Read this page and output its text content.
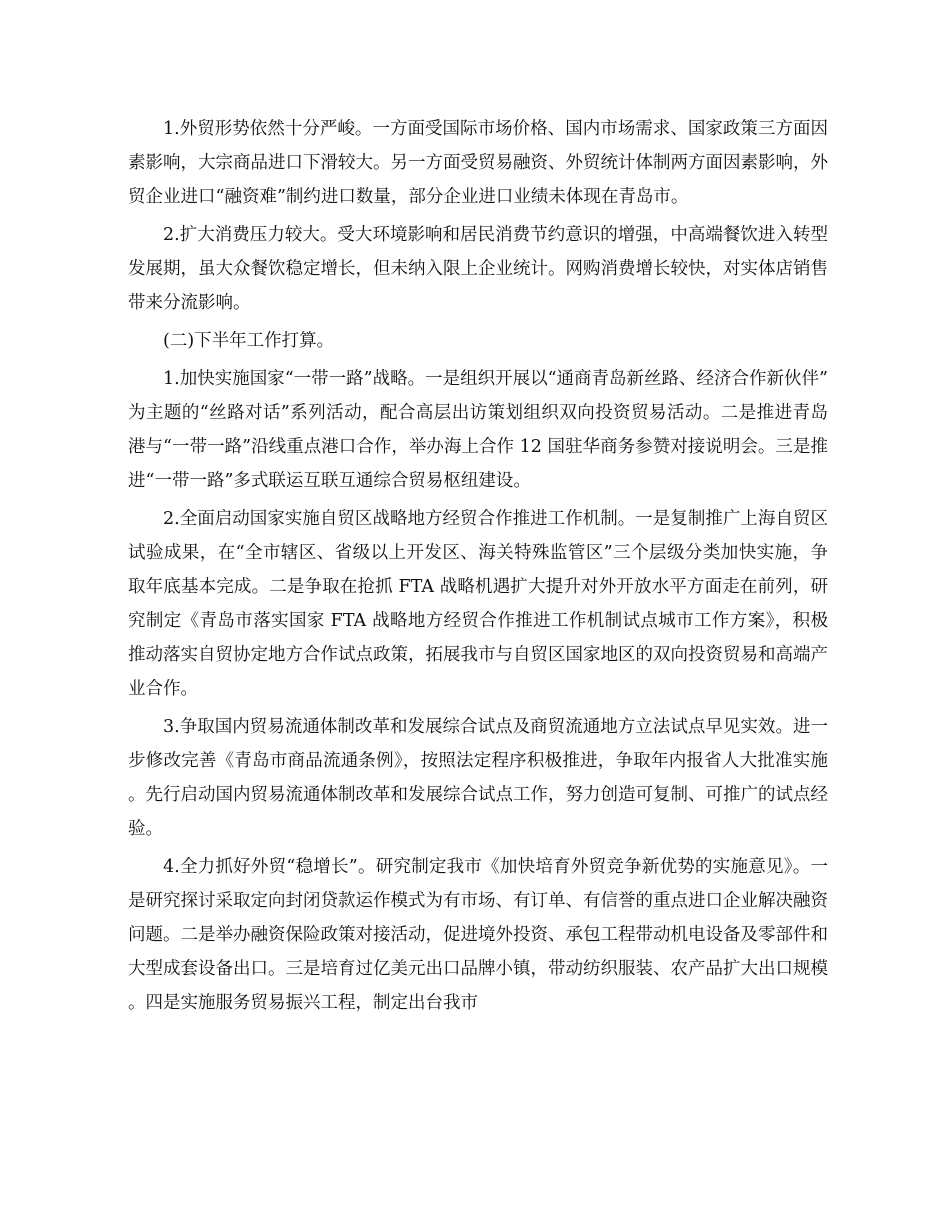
1.外贸形势依然十分严峻。一方面受国际市场价格、国内市场需求、国家政策三方面因素影响，大宗商品进口下滑较大。另一方面受贸易融资、外贸统计体制两方面因素影响，外贸企业进口“融资难”制约进口数量，部分企业进口业绩未体现在青岛市。

2.扩大消费压力较大。受大环境影响和居民消费节约意识的增强，中高端餐饮进入转型发展期，虽大众餐饮稳定增长，但未纳入限上企业统计。网购消费增长较快，对实体店销售带来分流影响。

(二)下半年工作打算。

1.加快实施国家“一带一路”战略。一是组织开展以“通商青岛新丝路、经济合作新伙伴”为主题的“丝路对话”系列活动，配合高层出访策划组织双向投资贸易活动。二是推进青岛港与“一带一路”沿线重点港口合作，举办海上合作 12 国驻华商务参赞对接说明会。三是推进“一带一路”多式联运互联互通综合贸易枢纽建设。

2.全面启动国家实施自贸区战略地方经贸合作推进工作机制。一是复制推广上海自贸区试验成果，在“全市辖区、省级以上开发区、海关特殊监管区”三个层级分类加快实施，争取年底基本完成。二是争取在抢抓 FTA 战略机遇扩大提升对外开放水平方面走在前列，研究制定《青岛市落实国家 FTA 战略地方经贸合作推进工作机制试点城市工作方案》，积极推动落实自贸协定地方合作试点政策，拓展我市与自贸区国家地区的双向投资贸易和高端产业合作。

3.争取国内贸易流通体制改革和发展综合试点及商贸流通地方立法试点早见实效。进一步修改完善《青岛市商品流通条例》，按照法定程序积极推进，争取年内报省人大批准实施。先行启动国内贸易流通体制改革和发展综合试点工作，努力创造可复制、可推广的试点经验。

4.全力抓好外贸“稳增长”。研究制定我市《加快培育外贸竞争新优势的实施意见》。一是研究探讨采取定向封闭贷款运作模式为有市场、有订单、有信誉的重点进口企业解决融资问题。二是举办融资保险政策对接活动，促进境外投资、承包工程带动机电设备及零部件和大型成套设备出口。三是培育过亿美元出口品牌小镇，带动纺织服装、农产品扩大出口规模。四是实施服务贸易振兴工程，制定出台我市
